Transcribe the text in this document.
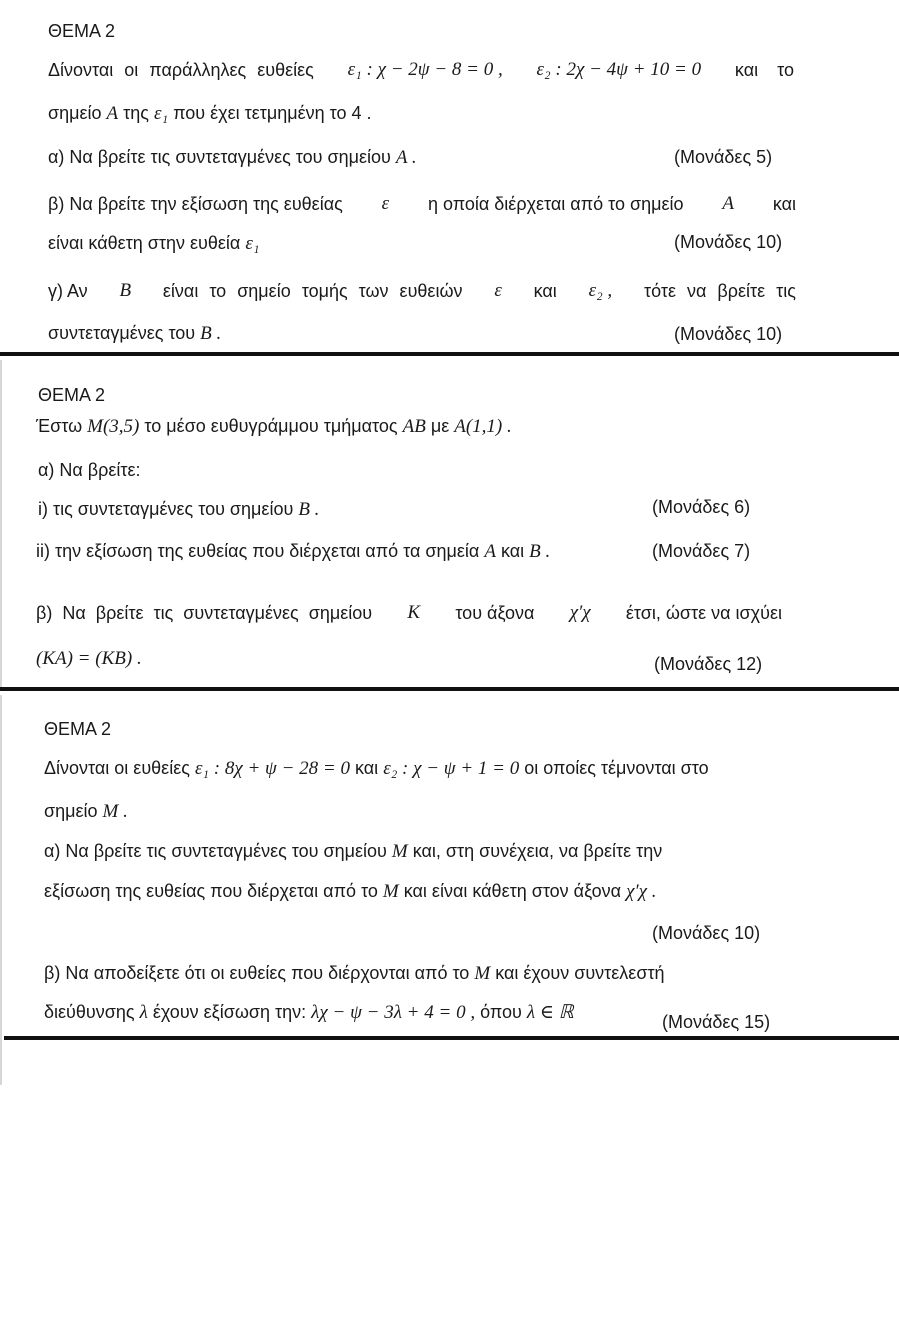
ΘΕΜΑ 2
Δίνονται οι παράλληλες ευθείες ε₁ : χ − 2ψ − 8 = 0 , ε₂ : 2χ − 4ψ + 10 = 0 και το
σημείο Α της ε₁ που έχει τετμημένη το 4 .
α) Να βρείτε τις συντεταγμένες του σημείου Α .	(Μονάδες 5)
β) Να βρείτε την εξίσωση της ευθείας ε η οποία διέρχεται από το σημείο Α και
είναι κάθετη στην ευθεία ε₁	(Μονάδες 10)
γ) Αν Β είναι το σημείο τομής των ευθειών ε και ε₂ , τότε να βρείτε τις
συντεταγμένες του Β .	(Μονάδες 10)
ΘΕΜΑ 2
Έστω Μ(3,5) το μέσο ευθυγράμμου τμήματος ΑΒ με Α(1,1) .
α) Να βρείτε:
i) τις συντεταγμένες του σημείου Β .	(Μονάδες 6)
ii) την εξίσωση της ευθείας που διέρχεται από τα σημεία Α και Β .	(Μονάδες 7)
β) Να βρείτε τις συντεταγμένες σημείου Κ του άξονα χ′χ έτσι, ώστε να ισχύει
(ΚΑ) = (ΚΒ) .	(Μονάδες 12)
ΘΕΜΑ 2
Δίνονται οι ευθείες ε₁ : 8χ + ψ − 28 = 0 και ε₂ : χ − ψ + 1 = 0 οι οποίες τέμνονται στο
σημείο Μ .
α) Να βρείτε τις συντεταγμένες του σημείου Μ και, στη συνέχεια, να βρείτε την
εξίσωση της ευθείας που διέρχεται από το Μ και είναι κάθετη στον άξονα χ′χ .
(Μονάδες 10)
β) Να αποδείξετε ότι οι ευθείες που διέρχονται από το Μ και έχουν συντελεστή
διεύθυνσης λ έχουν εξίσωση την: λχ − ψ − 3λ + 4 = 0 , όπου λ ∈ ℝ	(Μονάδες 15)
